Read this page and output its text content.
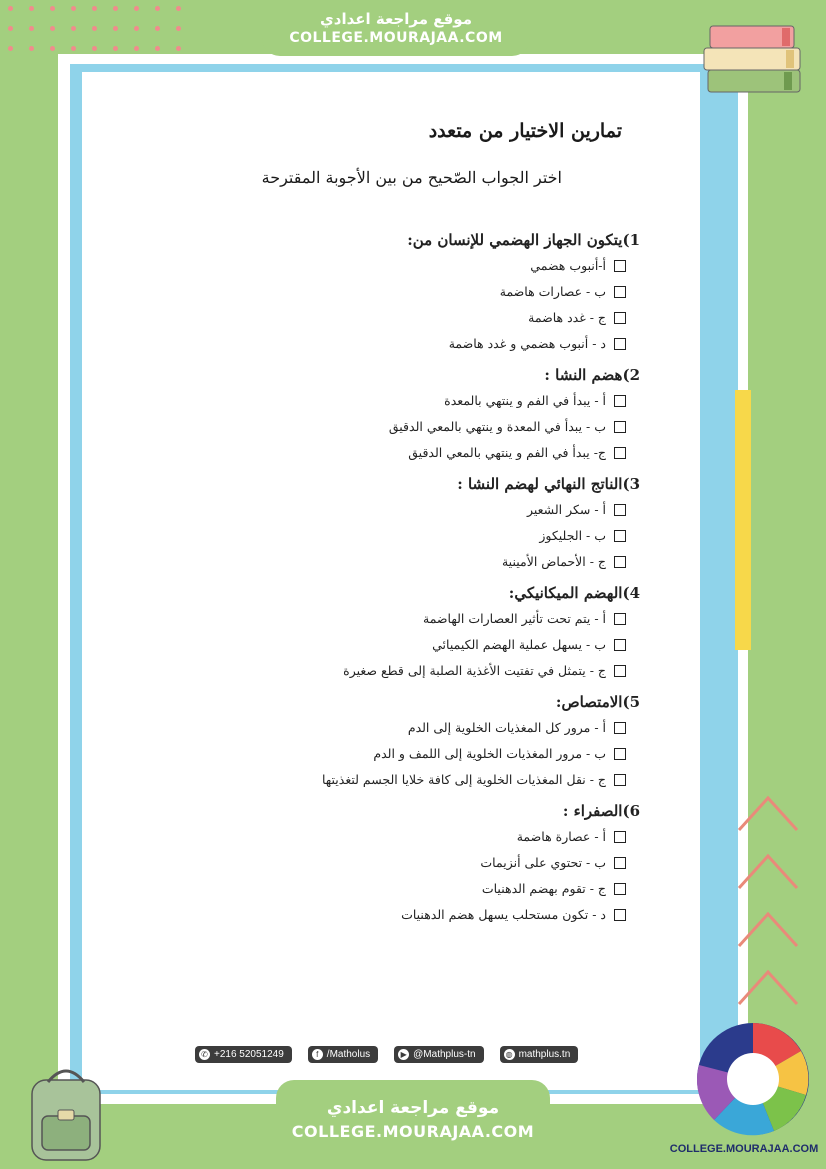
موقع مراجعة اعدادي
COLLEGE.MOURAJAA.COM
تمارين الاختيار من متعدد
اختر الجواب الصّحيح من بين الأجوبة المقترحة
1)يتكون الجهاز الهضمي للإنسان من:
أ-أنبوب هضمي
ب - عصارات هاضمة
ج - غدد هاضمة
د - أنبوب هضمي و غدد هاضمة
2)هضم النشا :
أ - يبدأ في الفم و ينتهي بالمعدة
ب - يبدأ في المعدة و ينتهي بالمعي الدقيق
ج- يبدأ في الفم و ينتهي بالمعي الدقيق
3)الناتج النهائي لهضم النشا :
أ - سكر الشعير
ب - الجليكوز
ج - الأحماض الأمينية
4)الهضم الميكانيكي:
أ - يتم تحت تأثير العصارات الهاضمة
ب - يسهل عملية الهضم الكيميائي
ج - يتمثل في تفتيت الأغذية الصلبة إلى قطع صغيرة
5)الامتصاص:
أ - مرور كل المغذيات الخلوية إلى الدم
ب - مرور المغذيات الخلوية إلى اللمف و الدم
ج - نقل المغذيات الخلوية إلى كافة خلايا الجسم لتغذيتها
6)الصفراء :
أ - عصارة هاضمة
ب - تحتوي على أنزيمات
ج - تقوم بهضم الدهنيات
د - تكون مستحلب يسهل هضم الدهنيات
✆ +216 52051249	f /Matholus	▶ @Mathplus-tn	◍ mathplus.tn
موقع مراجعة اعدادي
COLLEGE.MOURAJAA.COM
COLLEGE.MOURAJAA.COM
